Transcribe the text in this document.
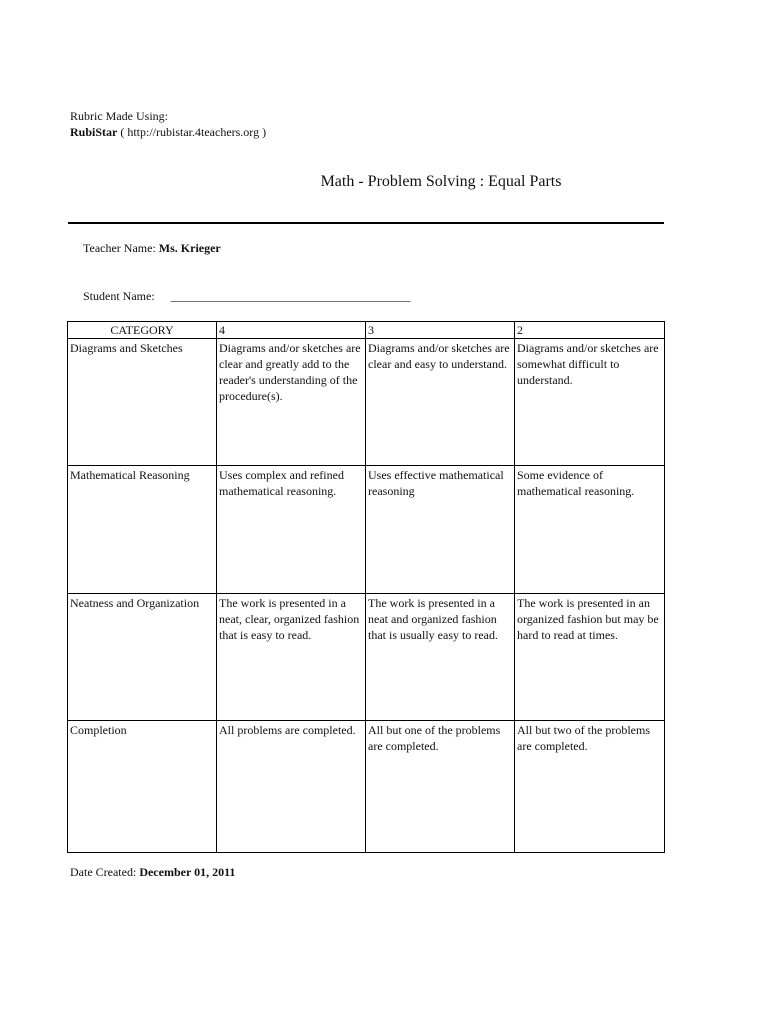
Rubric Made Using:
RubiStar ( http://rubistar.4teachers.org )
Math - Problem Solving : Equal Parts
Teacher Name: Ms. Krieger
Student Name: ________________________________________
CATEGORY	4	3	2
Diagrams and Sketches	Diagrams and/or sketches are clear and greatly add to the reader's understanding of the procedure(s).	Diagrams and/or sketches are clear and easy to understand.	Diagrams and/or sketches are somewhat difficult to understand.
Mathematical Reasoning	Uses complex and refined mathematical reasoning.	Uses effective mathematical reasoning	Some evidence of mathematical reasoning.
Neatness and Organization	The work is presented in a neat, clear, organized fashion that is easy to read.	The work is presented in a neat and organized fashion that is usually easy to read.	The work is presented in an organized fashion but may be hard to read at times.
Completion	All problems are completed.	All but one of the problems are completed.	All but two of the problems are completed.
Date Created: December 01, 2011
